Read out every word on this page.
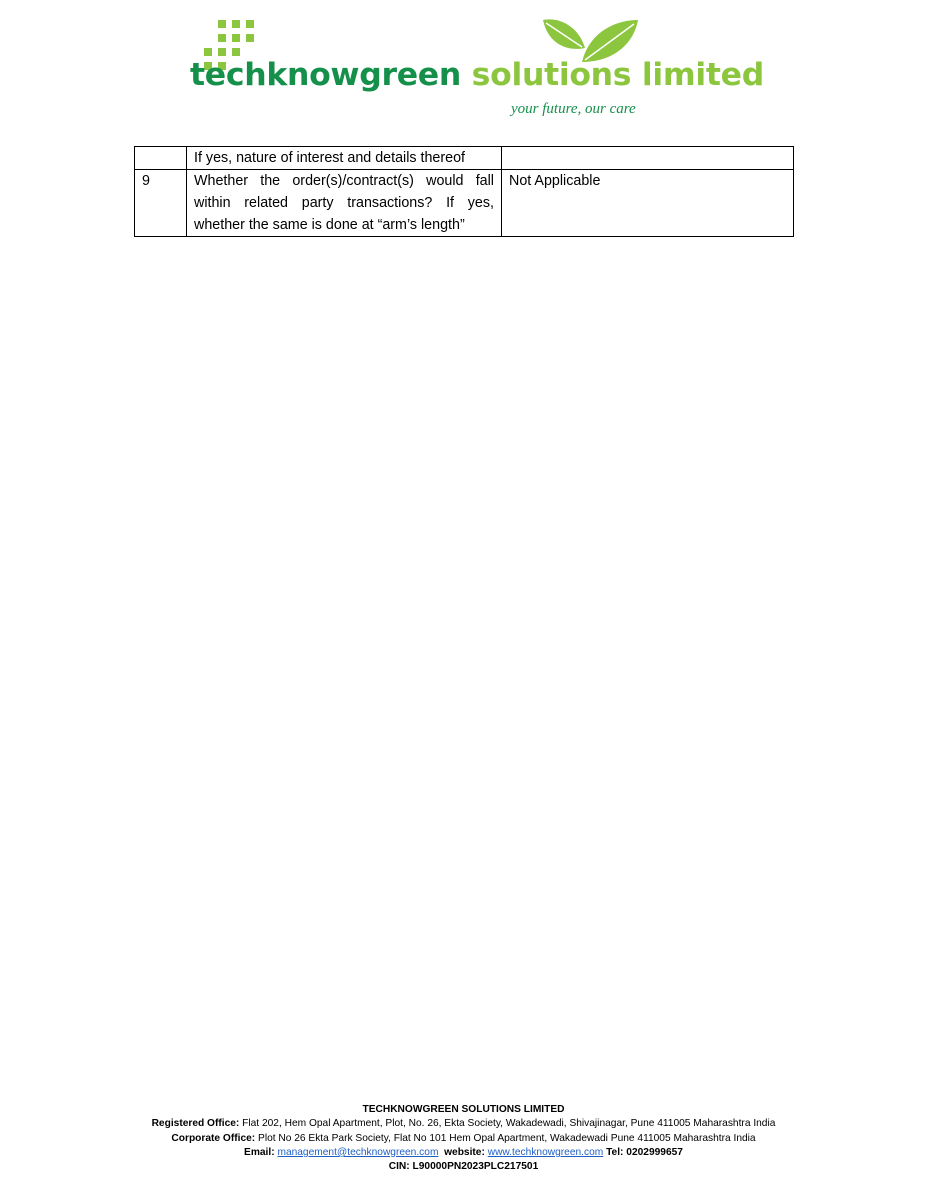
techknowgreen solutions limited
your future, our care
	If yes, nature of interest and details thereof	
9	Whether the order(s)/contract(s) would fall within related party transactions? If yes, whether the same is done at “arm’s length”	Not Applicable
TECHKNOWGREEN SOLUTIONS LIMITED
Registered Office: Flat 202, Hem Opal Apartment, Plot, No. 26, Ekta Society, Wakadewadi, Shivajinagar, Pune 411005 Maharashtra India
Corporate Office: Plot No 26 Ekta Park Society, Flat No 101 Hem Opal Apartment, Wakadewadi Pune 411005 Maharashtra India
Email: management@techknowgreen.com website: www.techknowgreen.com Tel: 0202999657
CIN: L90000PN2023PLC217501
